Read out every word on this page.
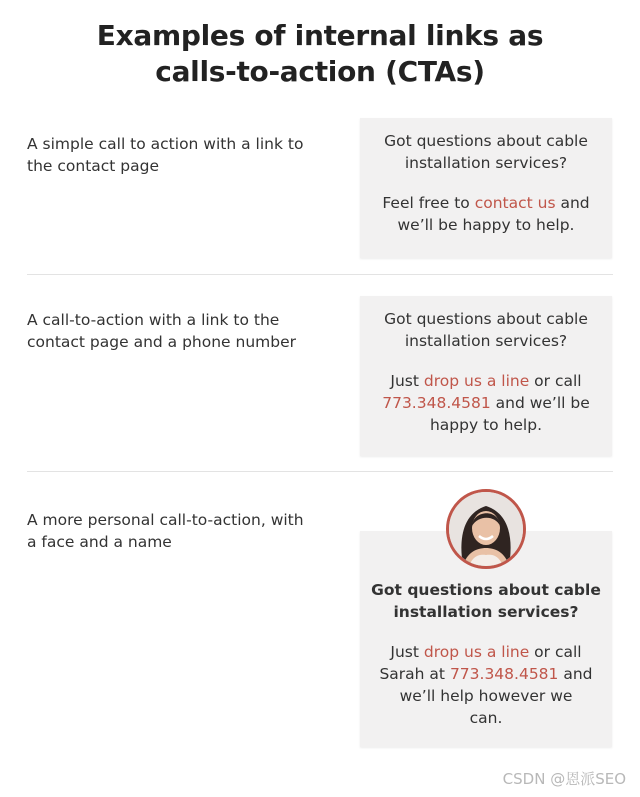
Examples of internal links as
calls-to-action (CTAs)
A simple call to action with a link to
the contact page

Got questions about cable

installation services?

Feel free to contact us and

we’ll be happy to help.

A call-to-action with a link to the
contact page and a phone number

Got questions about cable

installation services?

Just drop us a line or call

773.348.4581 and we’ll be

happy to help.

A more personal call-to-action, with
a face and a name

Got questions about cable

installation services?

Just drop us a line or call

Sarah at 773.348.4581 and

we’ll help however we

can.

CSDN @恩派SEO
